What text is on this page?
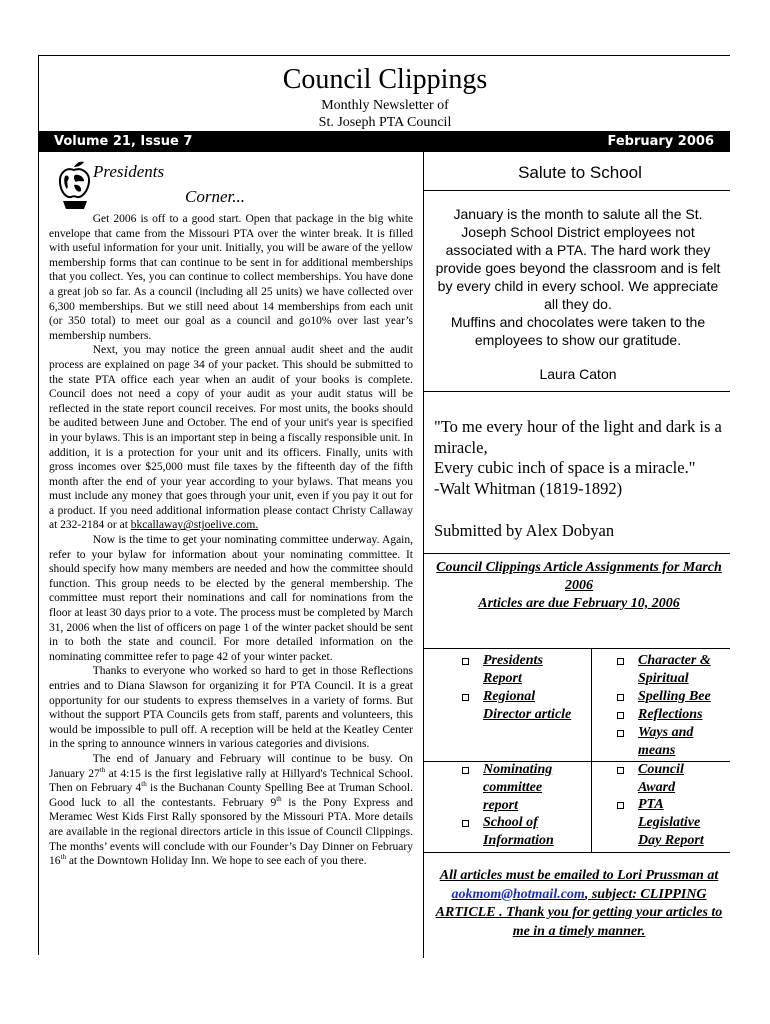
Council Clippings
Monthly Newsletter of
St. Joseph PTA Council
Volume 21, Issue 7	February 2006
Presidents
Corner...

Get 2006 is off to a good start. Open that package in the big white envelope that came from the Missouri PTA over the winter break. It is filled with useful information for your unit. Initially, you will be aware of the yellow membership forms that can continue to be sent in for additional memberships that you collect. Yes, you can continue to collect memberships. You have done a great job so far. As a council (including all 25 units) we have collected over 6,300 memberships. But we still need about 14 memberships from each unit (or 350 total) to meet our goal as a council and go10% over last year’s membership numbers.

Next, you may notice the green annual audit sheet and the audit process are explained on page 34 of your packet. This should be submitted to the state PTA office each year when an audit of your books is complete. Council does not need a copy of your audit as your audit status will be reflected in the state report council receives. For most units, the books should be audited between June and October. The end of your unit's year is specified in your bylaws. This is an important step in being a fiscally responsible unit. In addition, it is a protection for your unit and its officers. Finally, units with gross incomes over $25,000 must file taxes by the fifteenth day of the fifth month after the end of your year according to your bylaws. That means you must include any money that goes through your unit, even if you pay it out for a product. If you need additional information please contact Christy Callaway at 232-2184 or at bkcallaway@stjoelive.com.

Now is the time to get your nominating committee underway. Again, refer to your bylaw for information about your nominating committee. It should specify how many members are needed and how the committee should function. This group needs to be elected by the general membership. The committee must report their nominations and call for nominations from the floor at least 30 days prior to a vote. The process must be completed by March 31, 2006 when the list of officers on page 1 of the winter packet should be sent in to both the state and council. For more detailed information on the nominating committee refer to page 42 of your winter packet.

Thanks to everyone who worked so hard to get in those Reflections entries and to Diana Slawson for organizing it for PTA Council. It is a great opportunity for our students to express themselves in a variety of forms. But without the support PTA Councils gets from staff, parents and volunteers, this would be impossible to pull off. A reception will be held at the Keatley Center in the spring to announce winners in various categories and divisions.

The end of January and February will continue to be busy. On January 27th at 4:15 is the first legislative rally at Hillyard's Technical School. Then on February 4th is the Buchanan County Spelling Bee at Truman School. Good luck to all the contestants. February 9th is the Pony Express and Meramec West Kids First Rally sponsored by the Missouri PTA. More details are available in the regional directors article in this issue of Council Clippings. The months’ events will conclude with our Founder’s Day Dinner on February 16th at the Downtown Holiday Inn. We hope to see each of you there.

Salute to School
January is the month to salute all the St. Joseph School District employees not associated with a PTA. The hard work they provide goes beyond the classroom and is felt by every child in every school. We appreciate all they do.
Muffins and chocolates were taken to the employees to show our gratitude.
Laura Caton
"To me every hour of the light and dark is a miracle,
Every cubic inch of space is a miracle."
-Walt Whitman (1819-1892)
Submitted by Alex Dobyan
Council Clippings Article Assignments for March 2006
Articles are due February 10, 2006
Presidents Report
Regional Director article
Character & Spiritual
Spelling Bee
Reflections
Ways and means
Nominating committee report
School of Information
Council Award
PTA Legislative Day Report
All articles must be emailed to Lori Prussman at aokmom@hotmail.com, subject: CLIPPING ARTICLE . Thank you for getting your articles to me in a timely manner.
